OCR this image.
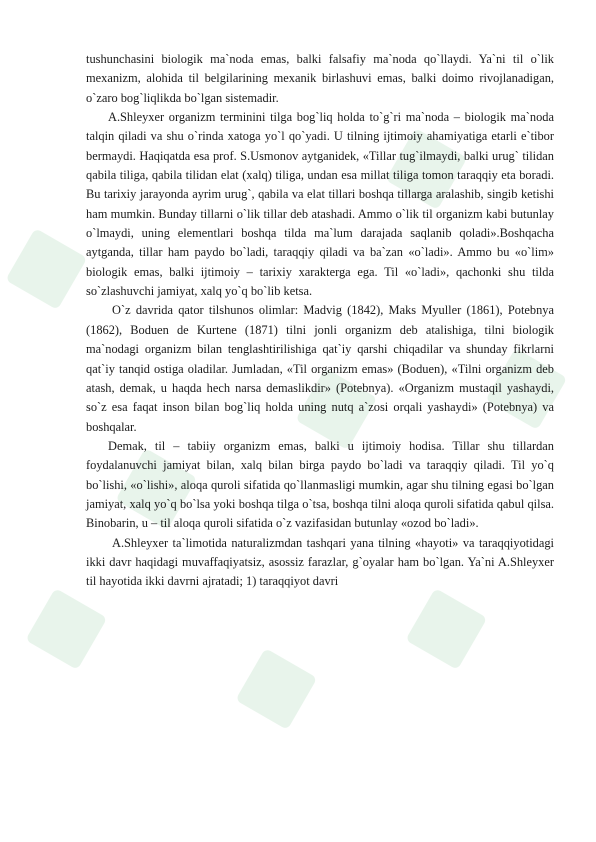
tushunchasini biologik ma`noda emas, balki falsafiy ma`noda qo`llaydi. Ya`ni til o`lik mexanizm, alohida til belgilarining mexanik birlashuvi emas, balki doimo rivojlanadigan, o`zaro bog`liqlikda bo`lgan sistemadir.

A.Shleyxer organizm terminini tilga bog`liq holda to`g`ri ma`noda – biologik ma`noda talqin qiladi va shu o`rinda xatoga yo`l qo`yadi. U tilning ijtimoiy ahamiyatiga etarli e`tibor bermaydi. Haqiqatda esa prof. S.Usmonov aytganidek, «Tillar tug`ilmaydi, balki urug` tilidan qabila tiliga, qabila tilidan elat (xalq) tiliga, undan esa millat tiliga tomon taraqqiy eta boradi. Bu tarixiy jarayonda ayrim urug`, qabila va elat tillari boshqa tillarga aralashib, singib ketishi ham mumkin. Bunday tillarni o`lik tillar deb atashadi. Ammo o`lik til organizm kabi butunlay o`lmaydi, uning elementlari boshqa tilda ma`lum darajada saqlanib qoladi».Boshqacha aytganda, tillar ham paydo bo`ladi, taraqqiy qiladi va ba`zan «o`ladi». Ammo bu «o`lim» biologik emas, balki ijtimoiy – tarixiy xarakterga ega. Til «o`ladi», qachonki shu tilda so`zlashuvchi jamiyat, xalq yo`q bo`lib ketsa.

O`z davrida qator tilshunos olimlar: Madvig (1842), Maks Myuller (1861), Potebnya (1862), Boduen de Kurtene (1871) tilni jonli organizm deb atalishiga, tilni biologik ma`nodagi organizm bilan tenglashtirilishiga qat`iy qarshi chiqadilar va shunday fikrlarni qat`iy tanqid ostiga oladilar. Jumladan, «Til organizm emas» (Boduen), «Tilni organizm deb atash, demak, u haqda hech narsa demaslikdir» (Potebnya). «Organizm mustaqil yashaydi, so`z esa faqat inson bilan bog`liq holda uning nutq a`zosi orqali yashaydi» (Potebnya) va boshqalar.

Demak, til – tabiiy organizm emas, balki u ijtimoiy hodisa. Tillar shu tillardan foydalanuvchi jamiyat bilan, xalq bilan birga paydo bo`ladi va taraqqiy qiladi. Til yo`q bo`lishi, «o`lishi», aloqa quroli sifatida qo`llanmasligi mumkin, agar shu tilning egasi bo`lgan jamiyat, xalq yo`q bo`lsa yoki boshqa tilga o`tsa, boshqa tilni aloqa quroli sifatida qabul qilsa. Binobarin, u – til aloqa quroli sifatida o`z vazifasidan butunlay «ozod bo`ladi».

A.Shleyxer ta`limotida naturalizmdan tashqari yana tilning «hayoti» va taraqqiyotidagi ikki davr haqidagi muvaffaqiyatsiz, asossiz farazlar, g`oyalar ham bo`lgan. Ya`ni A.Shleyxer til hayotida ikki davrni ajratadi; 1) taraqqiyot davri
